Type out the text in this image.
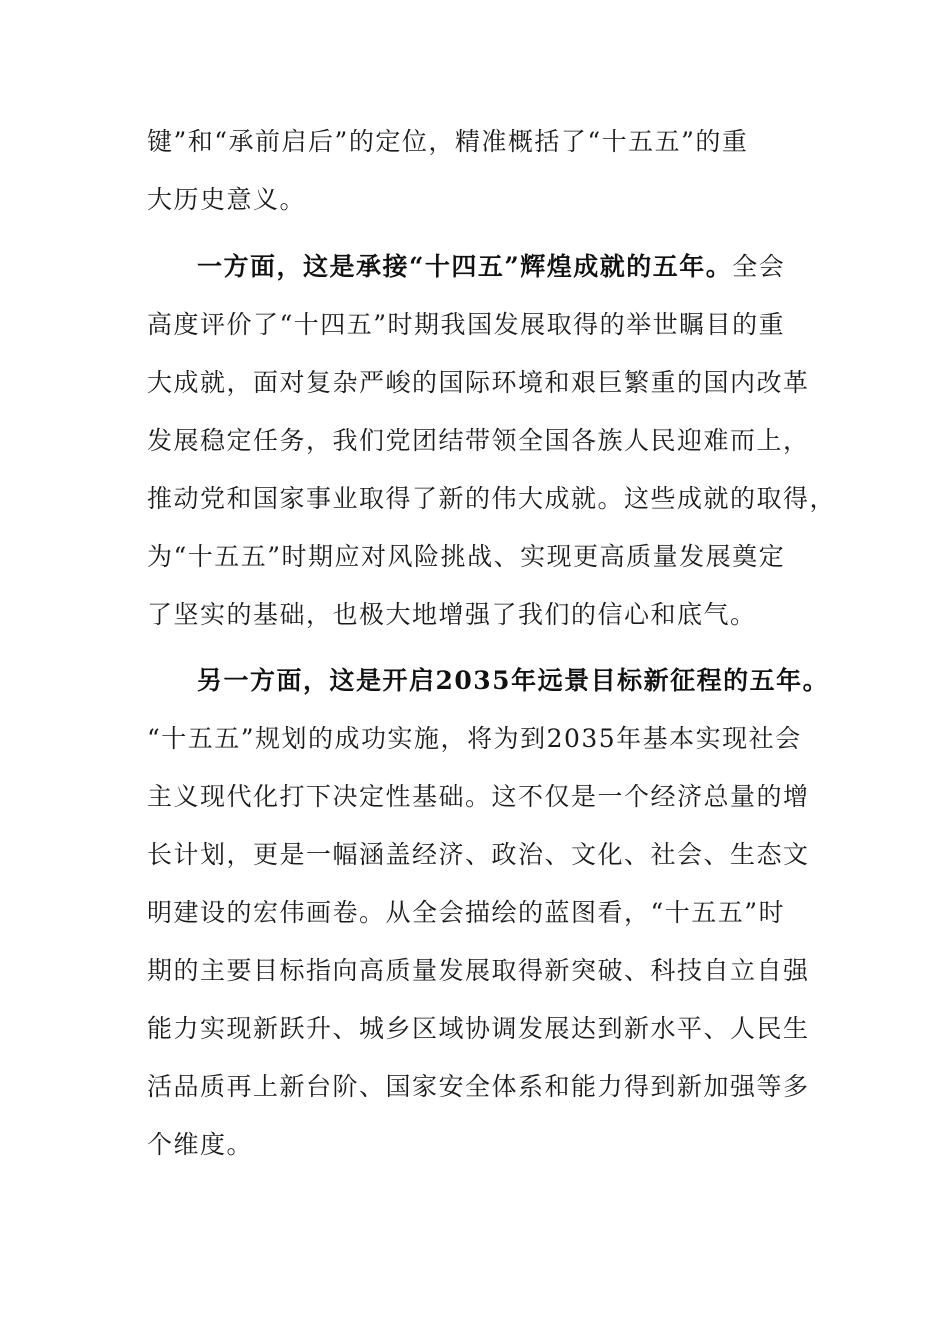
键”和“承前启后”的定位，精准概括了“十五五”的重
大历史意义。
一方面，这是承接“十四五”辉煌成就的五年。全会
高度评价了“十四五”时期我国发展取得的举世瞩目的重
大成就，面对复杂严峻的国际环境和艰巨繁重的国内改革
发展稳定任务，我们党团结带领全国各族人民迎难而上，
推动党和国家事业取得了新的伟大成就。这些成就的取得，
为“十五五”时期应对风险挑战、实现更高质量发展奠定
了坚实的基础，也极大地增强了我们的信心和底气。
另一方面，这是开启2035年远景目标新征程的五年。
“十五五”规划的成功实施，将为到2035年基本实现社会
主义现代化打下决定性基础。这不仅是一个经济总量的增
长计划，更是一幅涵盖经济、政治、文化、社会、生态文
明建设的宏伟画卷。从全会描绘的蓝图看，“十五五”时
期的主要目标指向高质量发展取得新突破、科技自立自强
能力实现新跃升、城乡区域协调发展达到新水平、人民生
活品质再上新台阶、国家安全体系和能力得到新加强等多
个维度。
